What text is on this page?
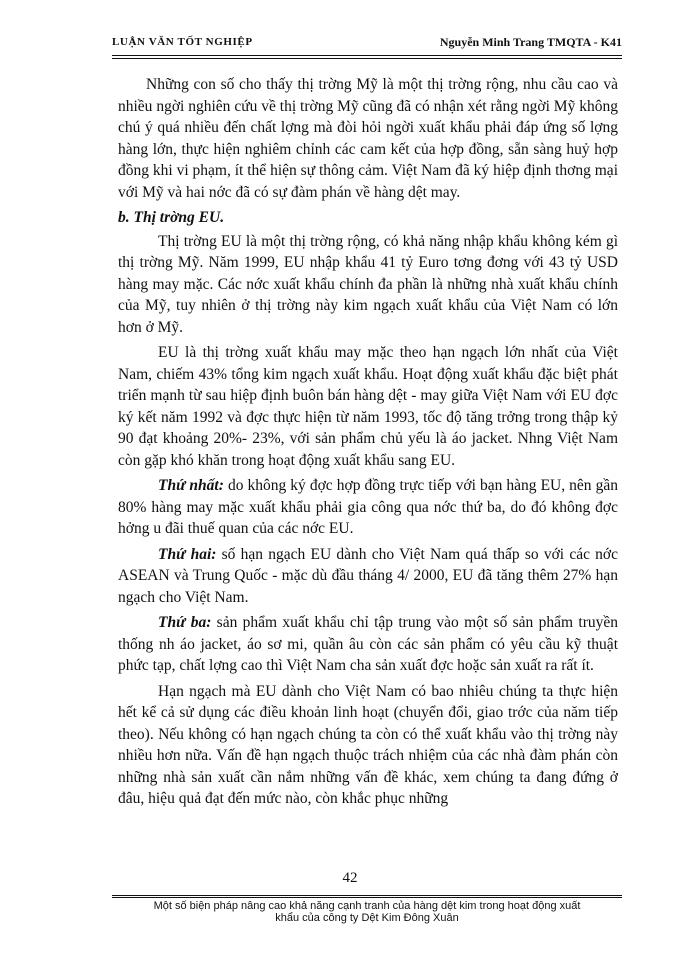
LUẬN VĂN TỐT NGHIỆP	Nguyễn Minh Trang TMQTA - K41

Những con số cho thấy thị trờng Mỹ là một thị trờng rộng, nhu cầu cao và nhiều ngời nghiên cứu về thị trờng Mỹ cũng đã có nhận xét rằng ngời Mỹ không chú ý quá nhiều đến chất lợng mà đòi hỏi ngời xuất khẩu phải đáp ứng số lợng hàng lớn, thực hiện nghiêm chỉnh các cam kết của hợp đồng, sẵn sàng huỷ hợp đồng khi vi phạm, ít thể hiện sự thông cảm. Việt Nam đã ký hiệp định thơng mại với Mỹ và hai nớc đã có sự đàm phán về hàng dệt may.

b. Thị trờng EU.

Thị trờng EU là một thị trờng rộng, có khả năng nhập khẩu không kém gì thị trờng Mỹ. Năm 1999, EU nhập khẩu 41 tỷ Euro tơng đơng với 43 tỷ USD hàng may mặc. Các nớc xuất khẩu chính đa phần là những nhà xuất khẩu chính của Mỹ, tuy nhiên ở thị trờng này kim ngạch xuất khẩu của Việt Nam có lớn hơn ở Mỹ.

EU là thị trờng xuất khẩu may mặc theo hạn ngạch lớn nhất của Việt Nam, chiếm 43% tổng kim ngạch xuất khẩu. Hoạt động xuất khẩu đặc biệt phát triển mạnh từ sau hiệp định buôn bán hàng dệt - may giữa Việt Nam với EU đợc ký kết năm 1992 và đợc thực hiện từ năm 1993, tốc độ tăng trởng trong thập kỷ 90 đạt khoảng 20%- 23%, với sản phẩm chủ yếu là áo jacket. Nhng Việt Nam còn gặp khó khăn trong hoạt động xuất khẩu sang EU.

Thứ nhất: do không ký đợc hợp đồng trực tiếp với bạn hàng EU, nên gần 80% hàng may mặc xuất khẩu phải gia công qua nớc thứ ba, do đó không đợc hởng u đãi thuế quan của các nớc EU.

Thứ hai: số hạn ngạch EU dành cho Việt Nam quá thấp so với các nớc ASEAN và Trung Quốc - mặc dù đầu tháng 4/ 2000, EU đã tăng thêm 27% hạn ngạch cho Việt Nam.

Thứ ba: sản phẩm xuất khẩu chỉ tập trung vào một số sản phẩm truyền thống nh áo jacket, áo sơ mi, quần âu còn các sản phẩm có yêu cầu kỹ thuật phức tạp, chất lợng cao thì Việt Nam cha sản xuất đợc hoặc sản xuất ra rất ít.

Hạn ngạch mà EU dành cho Việt Nam có bao nhiêu chúng ta thực hiện hết kể cả sử dụng các điều khoản linh hoạt (chuyển đổi, giao trớc của năm tiếp theo). Nếu không có hạn ngạch chúng ta còn có thể xuất khẩu vào thị trờng này nhiều hơn nữa. Vấn đề hạn ngạch thuộc trách nhiệm của các nhà đàm phán còn những nhà sản xuất cần nắm những vấn đề khác, xem chúng ta đang đứng ở đâu, hiệu quả đạt đến mức nào, còn khắc phục những

42
Một số biện pháp nâng cao khả năng cạnh tranh của hàng dệt kim trong hoạt động xuất
khẩu của công ty Dệt Kim Đông Xuân
